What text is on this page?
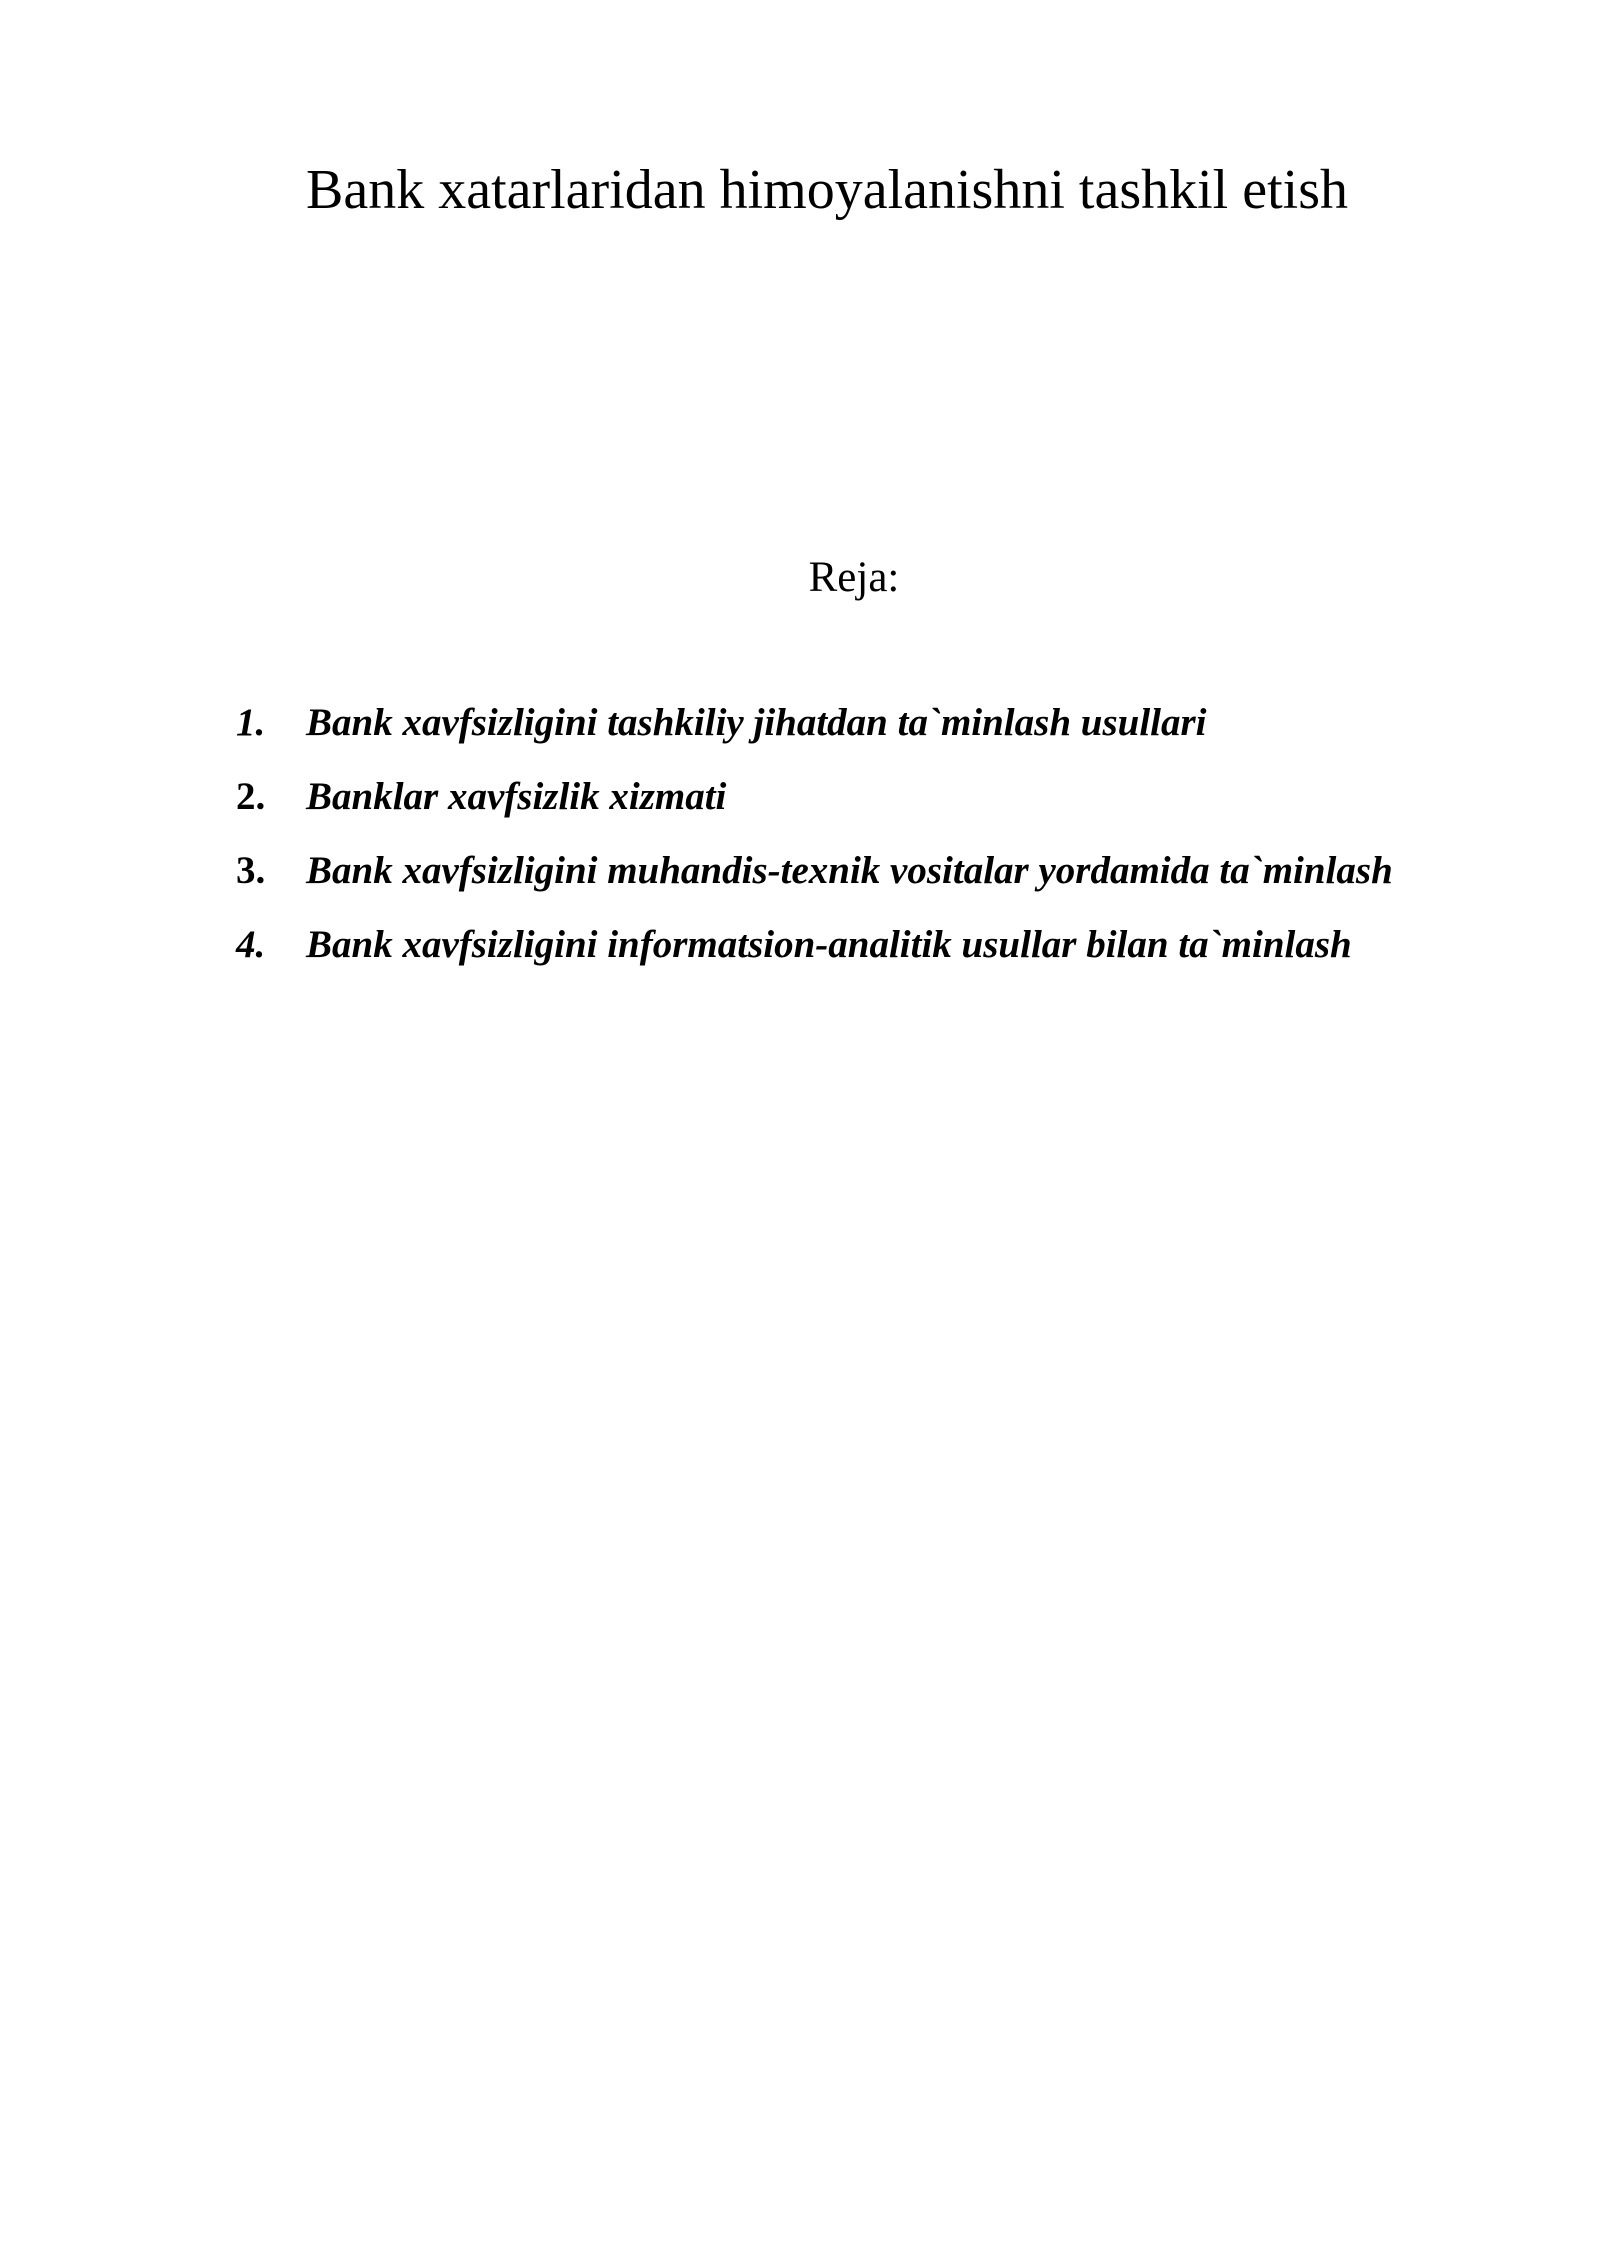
Bank xatarlaridan himoyalanishni tashkil etish
Reja:
1.	Bank xavfsizligini tashkiliy jihatdan ta`minlash usullari
2.	Banklar xavfsizlik xizmati
3.	Bank xavfsizligini muhandis-texnik vositalar yordamida ta`minlash
4.	Bank xavfsizligini informatsion-analitik usullar bilan ta`minlash
